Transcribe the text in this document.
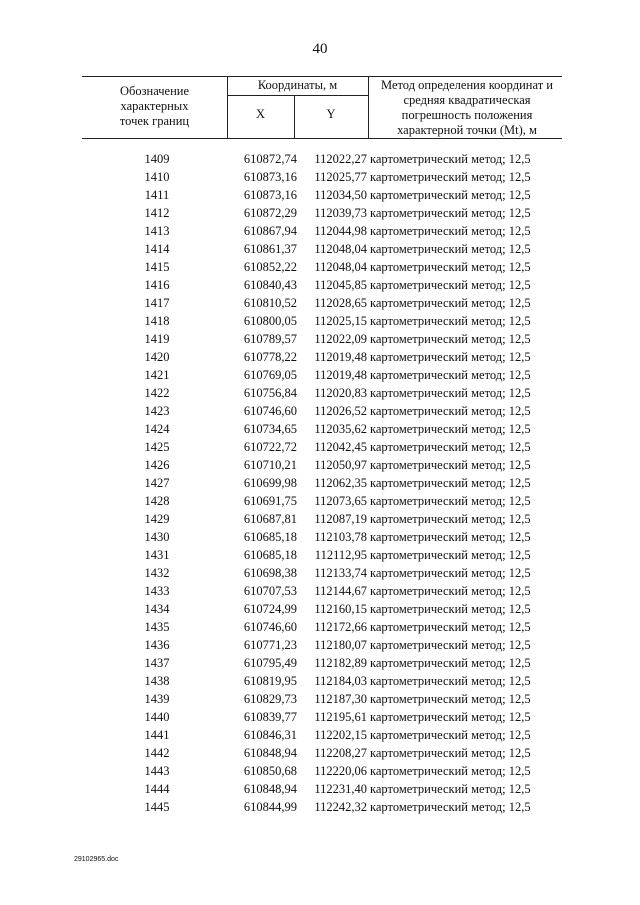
40
Обозначение характерных точек границ
Координаты, м
X	Y
Метод определения координат и средняя квадратическая погрешность положения характерной точки (Mt), м
1409	610872,74	112022,27 картометрический метод; 12,5
1410	610873,16	112025,77 картометрический метод; 12,5
1411	610873,16	112034,50 картометрический метод; 12,5
1412	610872,29	112039,73 картометрический метод; 12,5
1413	610867,94	112044,98 картометрический метод; 12,5
1414	610861,37	112048,04 картометрический метод; 12,5
1415	610852,22	112048,04 картометрический метод; 12,5
1416	610840,43	112045,85 картометрический метод; 12,5
1417	610810,52	112028,65 картометрический метод; 12,5
1418	610800,05	112025,15 картометрический метод; 12,5
1419	610789,57	112022,09 картометрический метод; 12,5
1420	610778,22	112019,48 картометрический метод; 12,5
1421	610769,05	112019,48 картометрический метод; 12,5
1422	610756,84	112020,83 картометрический метод; 12,5
1423	610746,60	112026,52 картометрический метод; 12,5
1424	610734,65	112035,62 картометрический метод; 12,5
1425	610722,72	112042,45 картометрический метод; 12,5
1426	610710,21	112050,97 картометрический метод; 12,5
1427	610699,98	112062,35 картометрический метод; 12,5
1428	610691,75	112073,65 картометрический метод; 12,5
1429	610687,81	112087,19 картометрический метод; 12,5
1430	610685,18	112103,78 картометрический метод; 12,5
1431	610685,18	112112,95 картометрический метод; 12,5
1432	610698,38	112133,74 картометрический метод; 12,5
1433	610707,53	112144,67 картометрический метод; 12,5
1434	610724,99	112160,15 картометрический метод; 12,5
1435	610746,60	112172,66 картометрический метод; 12,5
1436	610771,23	112180,07 картометрический метод; 12,5
1437	610795,49	112182,89 картометрический метод; 12,5
1438	610819,95	112184,03 картометрический метод; 12,5
1439	610829,73	112187,30 картометрический метод; 12,5
1440	610839,77	112195,61 картометрический метод; 12,5
1441	610846,31	112202,15 картометрический метод; 12,5
1442	610848,94	112208,27 картометрический метод; 12,5
1443	610850,68	112220,06 картометрический метод; 12,5
1444	610848,94	112231,40 картометрический метод; 12,5
1445	610844,99	112242,32 картометрический метод; 12,5
29102965.doc
